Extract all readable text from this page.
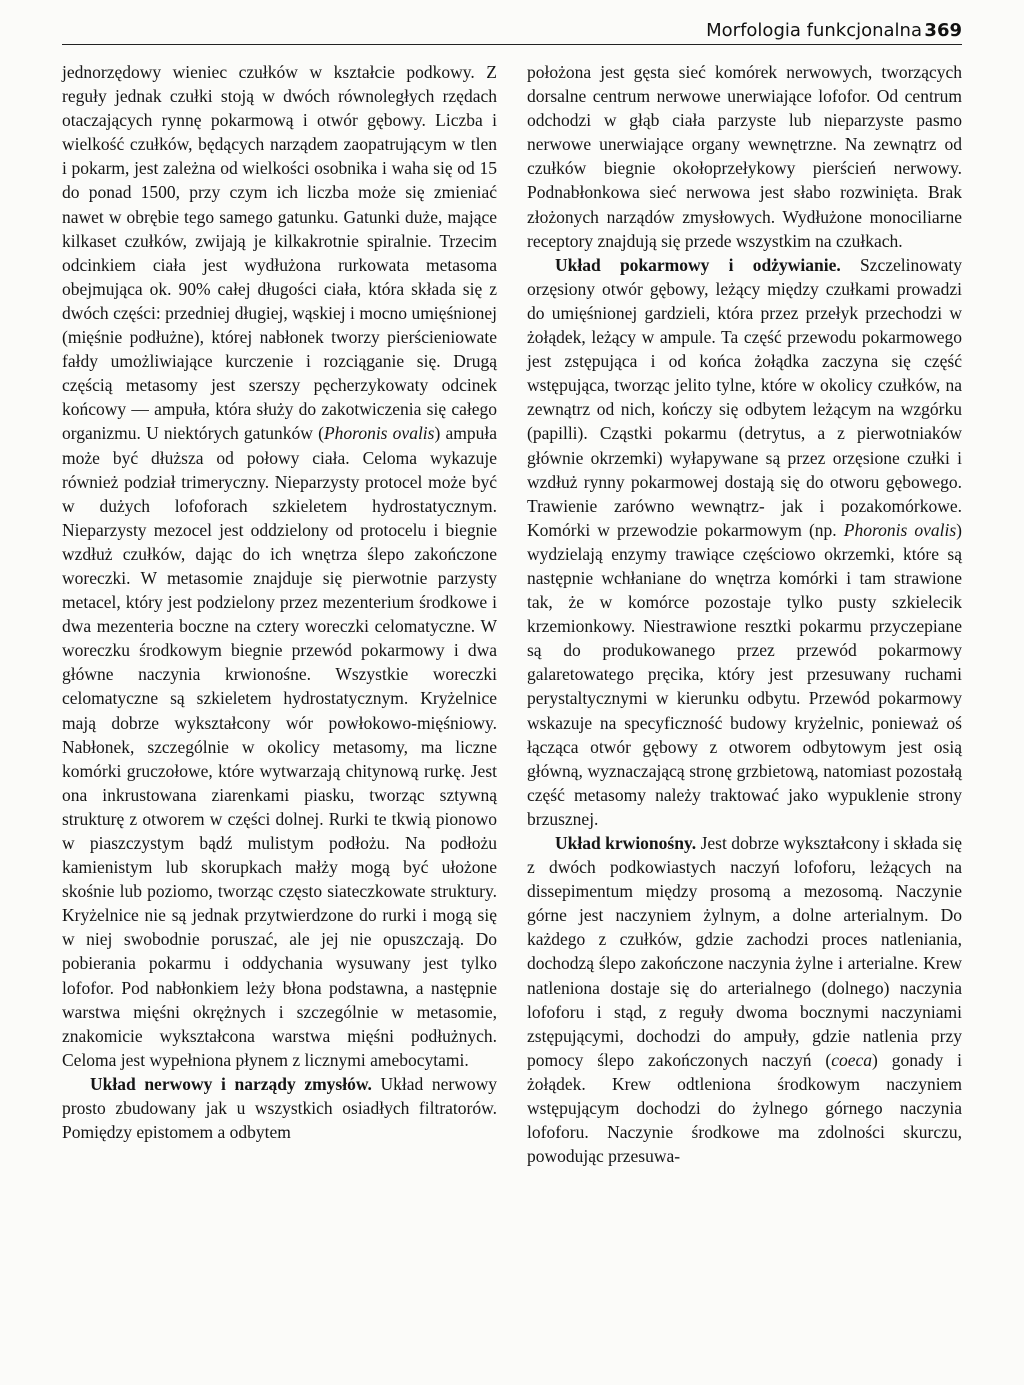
Morfologia funkcjonalna 369

jednorzędowy wieniec czułków w kształcie podkowy. Z reguły jednak czułki stoją w dwóch równoległych rzędach otaczających rynnę pokarmową i otwór gębowy. Liczba i wielkość czułków, będących narządem zaopatrującym w tlen i pokarm, jest zależna od wielkości osobnika i waha się od 15 do ponad 1500, przy czym ich liczba może się zmieniać nawet w obrębie tego samego gatunku. Gatunki duże, mające kilkaset czułków, zwijają je kilkakrotnie spiralnie. Trzecim odcinkiem ciała jest wydłużona rurkowata metasoma obejmująca ok. 90% całej długości ciała, która składa się z dwóch części: przedniej długiej, wąskiej i mocno umięśnionej (mięśnie podłużne), której nabłonek tworzy pierścieniowate fałdy umożliwiające kurczenie i rozciąganie się. Drugą częścią metasomy jest szerszy pęcherzykowaty odcinek końcowy — ampuła, która służy do zakotwiczenia się całego organizmu. U niektórych gatunków (Phoronis ovalis) ampuła może być dłuższa od połowy ciała. Celoma wykazuje również podział trimeryczny. Nieparzysty protocel może być w dużych lofoforach szkieletem hydrostatycznym. Nieparzysty mezocel jest oddzielony od protocelu i biegnie wzdłuż czułków, dając do ich wnętrza ślepo zakończone woreczki. W metasomie znajduje się pierwotnie parzysty metacel, który jest podzielony przez mezenterium środkowe i dwa mezenteria boczne na cztery woreczki celomatyczne. W woreczku środkowym biegnie przewód pokarmowy i dwa główne naczynia krwionośne. Wszystkie woreczki celomatyczne są szkieletem hydrostatycznym. Kryżelnice mają dobrze wykształcony wór powłokowo-mięśniowy. Nabłonek, szczególnie w okolicy metasomy, ma liczne komórki gruczołowe, które wytwarzają chitynową rurkę. Jest ona inkrustowana ziarenkami piasku, tworząc sztywną strukturę z otworem w części dolnej. Rurki te tkwią pionowo w piaszczystym bądź mulistym podłożu. Na podłożu kamienistym lub skorupkach małży mogą być ułożone skośnie lub poziomo, tworząc często siateczkowate struktury. Kryżelnice nie są jednak przytwierdzone do rurki i mogą się w niej swobodnie poruszać, ale jej nie opuszczają. Do pobierania pokarmu i oddychania wysuwany jest tylko lofofor. Pod nabłonkiem leży błona podstawna, a następnie warstwa mięśni okrężnych i szczególnie w metasomie, znakomicie wykształcona warstwa mięśni podłużnych. Celoma jest wypełniona płynem z licznymi amebocytami.

Układ nerwowy i narządy zmysłów. Układ nerwowy prosto zbudowany jak u wszystkich osiadłych filtratorów. Pomiędzy epistomem a odbytem

położona jest gęsta sieć komórek nerwowych, tworzących dorsalne centrum nerwowe unerwiające lofofor. Od centrum odchodzi w głąb ciała parzyste lub nieparzyste pasmo nerwowe unerwiające organy wewnętrzne. Na zewnątrz od czułków biegnie okołoprzełykowy pierścień nerwowy. Podnabłonkowa sieć nerwowa jest słabo rozwinięta. Brak złożonych narządów zmysłowych. Wydłużone monociliarne receptory znajdują się przede wszystkim na czułkach.

Układ pokarmowy i odżywianie. Szczelinowaty orzęsiony otwór gębowy, leżący między czułkami prowadzi do umięśnionej gardzieli, która przez przełyk przechodzi w żołądek, leżący w ampule. Ta część przewodu pokarmowego jest zstępująca i od końca żołądka zaczyna się część wstępująca, tworząc jelito tylne, które w okolicy czułków, na zewnątrz od nich, kończy się odbytem leżącym na wzgórku (papilli). Cząstki pokarmu (detrytus, a z pierwotniaków głównie okrzemki) wyłapywane są przez orzęsione czułki i wzdłuż rynny pokarmowej dostają się do otworu gębowego. Trawienie zarówno wewnątrz- jak i pozakomórkowe. Komórki w przewodzie pokarmowym (np. Phoronis ovalis) wydzielają enzymy trawiące częściowo okrzemki, które są następnie wchłaniane do wnętrza komórki i tam strawione tak, że w komórce pozostaje tylko pusty szkielecik krzemionkowy. Niestrawione resztki pokarmu przyczepiane są do produkowanego przez przewód pokarmowy galaretowatego pręcika, który jest przesuwany ruchami perystaltycznymi w kierunku odbytu. Przewód pokarmowy wskazuje na specyficzność budowy kryżelnic, ponieważ oś łącząca otwór gębowy z otworem odbytowym jest osią główną, wyznaczającą stronę grzbietową, natomiast pozostałą część metasomy należy traktować jako wypuklenie strony brzusznej.

Układ krwionośny. Jest dobrze wykształcony i składa się z dwóch podkowiastych naczyń lofoforu, leżących na dissepimentum między prosomą a mezosomą. Naczynie górne jest naczyniem żylnym, a dolne arterialnym. Do każdego z czułków, gdzie zachodzi proces natleniania, dochodzą ślepo zakończone naczynia żylne i arterialne. Krew natleniona dostaje się do arterialnego (dolnego) naczynia lofoforu i stąd, z reguły dwoma bocznymi naczyniami zstępującymi, dochodzi do ampuły, gdzie natlenia przy pomocy ślepo zakończonych naczyń (coeca) gonady i żołądek. Krew odtleniona środkowym naczyniem wstępującym dochodzi do żylnego górnego naczynia lofoforu. Naczynie środkowe ma zdolności skurczu, powodując przesuwa-
